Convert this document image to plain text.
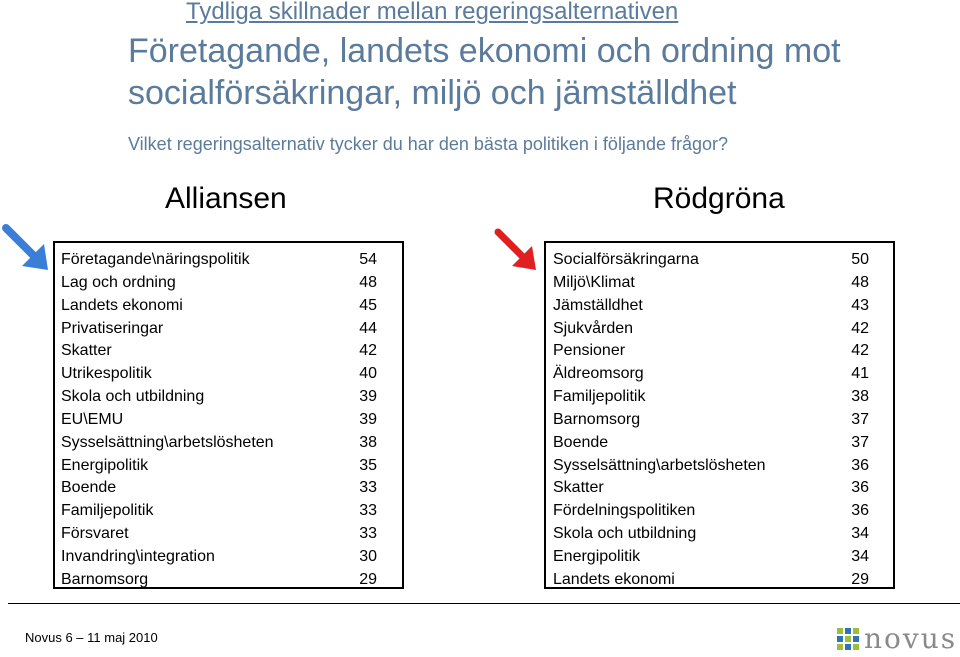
Tydliga skillnader mellan regeringsalternativen
Företagande, landets ekonomi och ordning mot socialförsäkringar, miljö och jämställdhet
Vilket regeringsalternativ tycker du har den bästa politiken i följande frågor?
Alliansen	Rödgröna
Företagande\näringspolitik	54
Lag och ordning	48
Landets ekonomi	45
Privatiseringar	44
Skatter	42
Utrikespolitik	40
Skola och utbildning	39
EU\EMU	39
Sysselsättning\arbetslösheten	38
Energipolitik	35
Boende	33
Familjepolitik	33
Försvaret	33
Invandring\integration	30
Barnomsorg	29
Socialförsäkringarna	50
Miljö\Klimat	48
Jämställdhet	43
Sjukvården	42
Pensioner	42
Äldreomsorg	41
Familjepolitik	38
Barnomsorg	37
Boende	37
Sysselsättning\arbetslösheten	36
Skatter	36
Fördelningspolitiken	36
Skola och utbildning	34
Energipolitik	34
Landets ekonomi	29
Novus 6 – 11 maj 2010	novus
